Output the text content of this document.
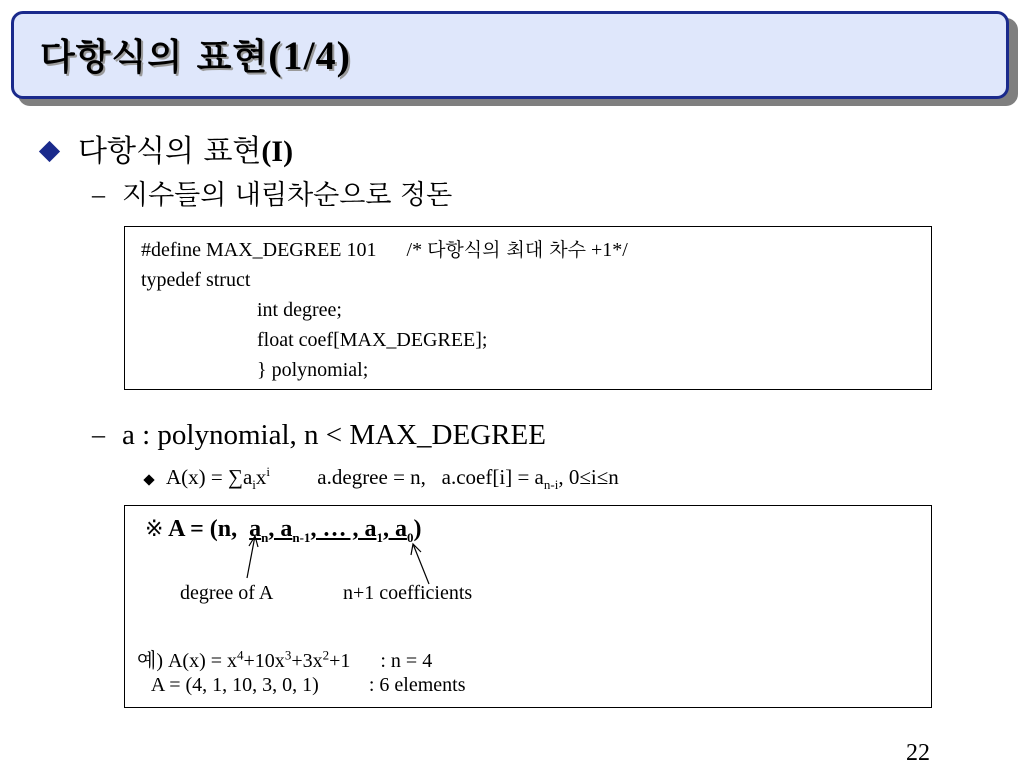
다항식의 표현(1/4)
다항식의 표현(I)
– 지수들의 내림차순으로 정돈
#define MAX_DEGREE 101      /* 다항식의 최대 차수 +1*/
typedef struct
int degree;
float coef[MAX_DEGREE];
} polynomial;
– a : polynomial, n < MAX_DEGREE
$A(x) = \sum a_ix^i$         a.degree = n,   a.coef[i] = $a_{n-i}$, 0≤i≤n
※ A = (n,  $a_n$, $a_{n-1}$, … , $a_1$, $a_0$)
degree of A	n+1 coefficients
예) $A(x) = x^4+10x^3+3x^2+1$      : n = 4
A = (4, 1, 10, 3, 0, 1)          : 6 elements
22
